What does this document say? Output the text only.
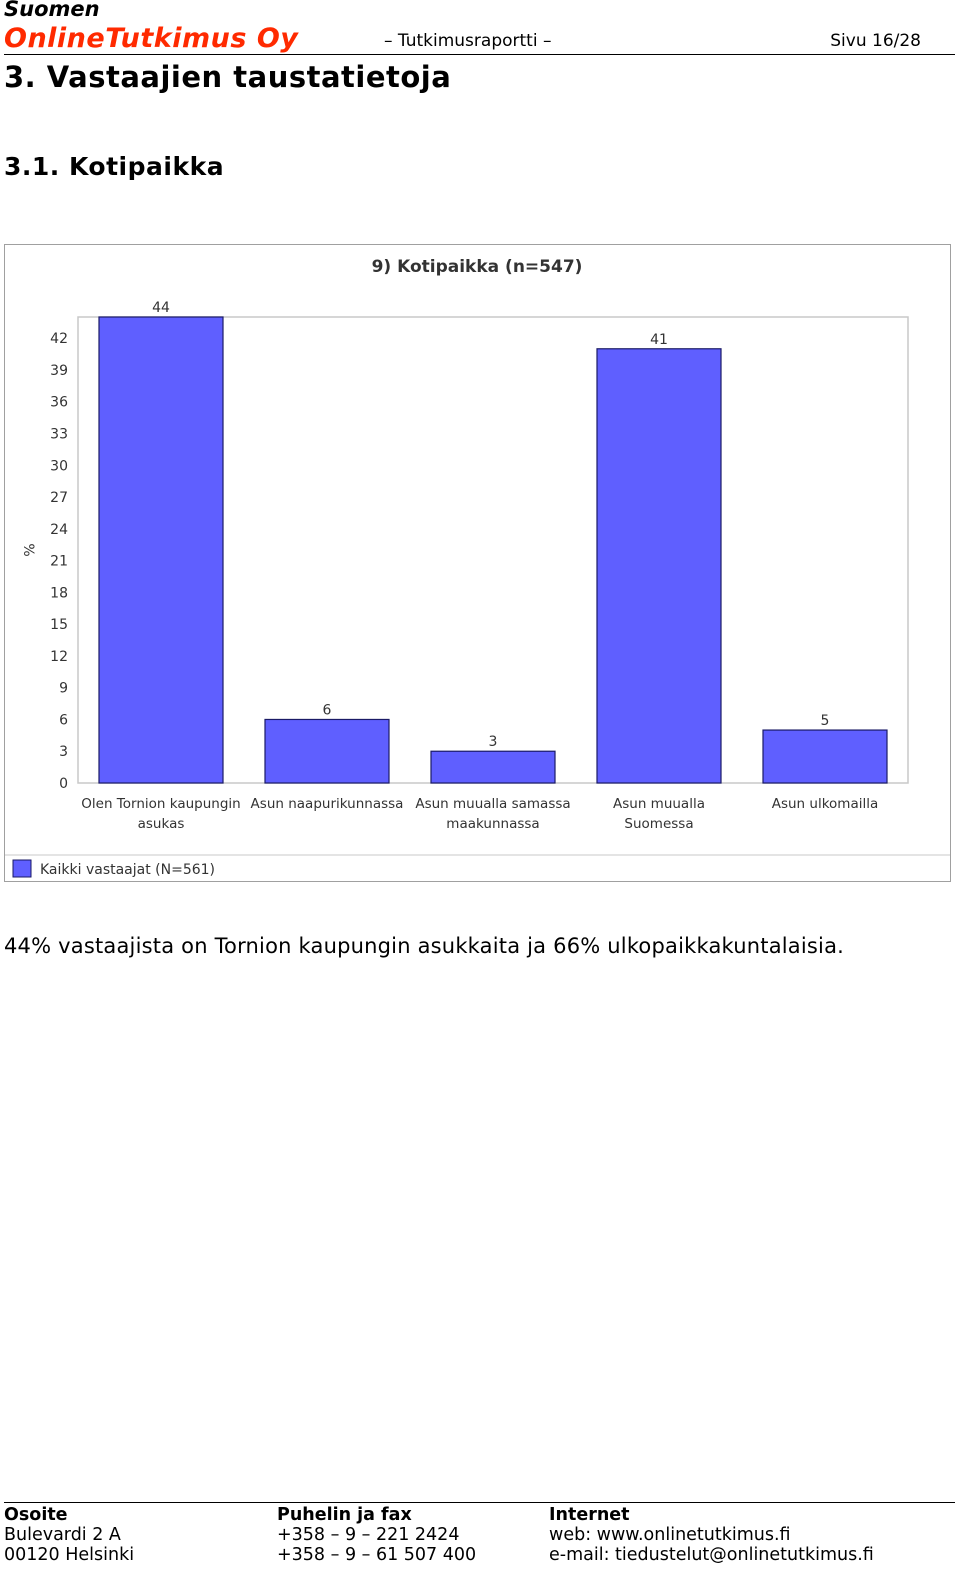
Suomen
OnlineTutkimus Oy	– Tutkimusraportti –	Sivu 16/28
3. Vastaajien taustatietoja
3.1. Kotipaikka
9) Kotipaikka (n=547)
%
0
3
6
9
12
15
18
21
24
27
30
33
36
39
42
44
Olen Tornion kaupungin
asukas
6
Asun naapurikunnassa
3
Asun muualla samassa
maakunnassa
41
Asun muualla
Suomessa
5
Asun ulkomailla
Kaikki vastaajat (N=561)
44% vastaajista on Tornion kaupungin asukkaita ja 66% ulkopaikkakuntalaisia.
Osoite
Bulevardi 2 A
00120 Helsinki
Puhelin ja fax
+358 – 9 – 221 2424
+358 – 9 – 61 507 400
Internet
web: www.onlinetutkimus.fi
e-mail: tiedustelut@onlinetutkimus.fi
